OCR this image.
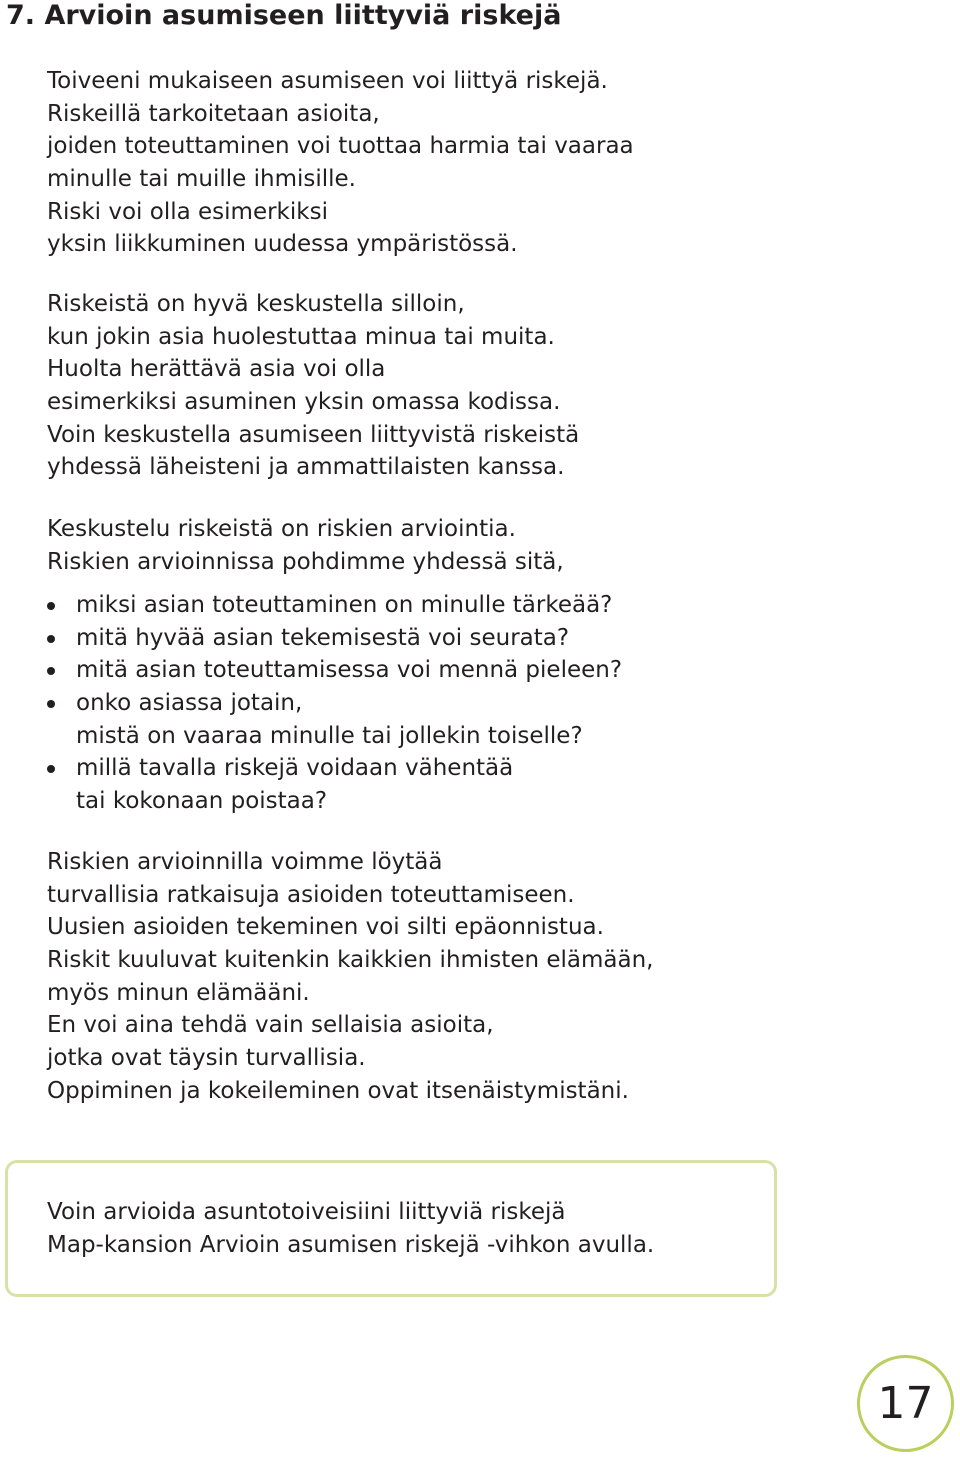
7. Arvioin asumiseen liittyviä riskejä
Toiveeni mukaiseen asumiseen voi liittyä riskejä.
Riskeillä tarkoitetaan asioita,
joiden toteuttaminen voi tuottaa harmia tai vaaraa
minulle tai muille ihmisille.
Riski voi olla esimerkiksi
yksin liikkuminen uudessa ympäristössä.
Riskeistä on hyvä keskustella silloin,
kun jokin asia huolestuttaa minua tai muita.
Huolta herättävä asia voi olla
esimerkiksi asuminen yksin omassa kodissa.
Voin keskustella asumiseen liittyvistä riskeistä
yhdessä läheisteni ja ammattilaisten kanssa.
Keskustelu riskeistä on riskien arviointia.
Riskien arvioinnissa pohdimme yhdessä sitä,
miksi asian toteuttaminen on minulle tärkeää?
mitä hyvää asian tekemisestä voi seurata?
mitä asian toteuttamisessa voi mennä pieleen?
onko asiassa jotain,
mistä on vaaraa minulle tai jollekin toiselle?
millä tavalla riskejä voidaan vähentää
tai kokonaan poistaa?
Riskien arvioinnilla voimme löytää
turvallisia ratkaisuja asioiden toteuttamiseen.
Uusien asioiden tekeminen voi silti epäonnistua.
Riskit kuuluvat kuitenkin kaikkien ihmisten elämään,
myös minun elämääni.
En voi aina tehdä vain sellaisia asioita,
jotka ovat täysin turvallisia.
Oppiminen ja kokeileminen ovat itsenäistymistäni.
Voin arvioida asuntotoiveisiini liittyviä riskejä
Map-kansion Arvioin asumisen riskejä -vihkon avulla.
17
